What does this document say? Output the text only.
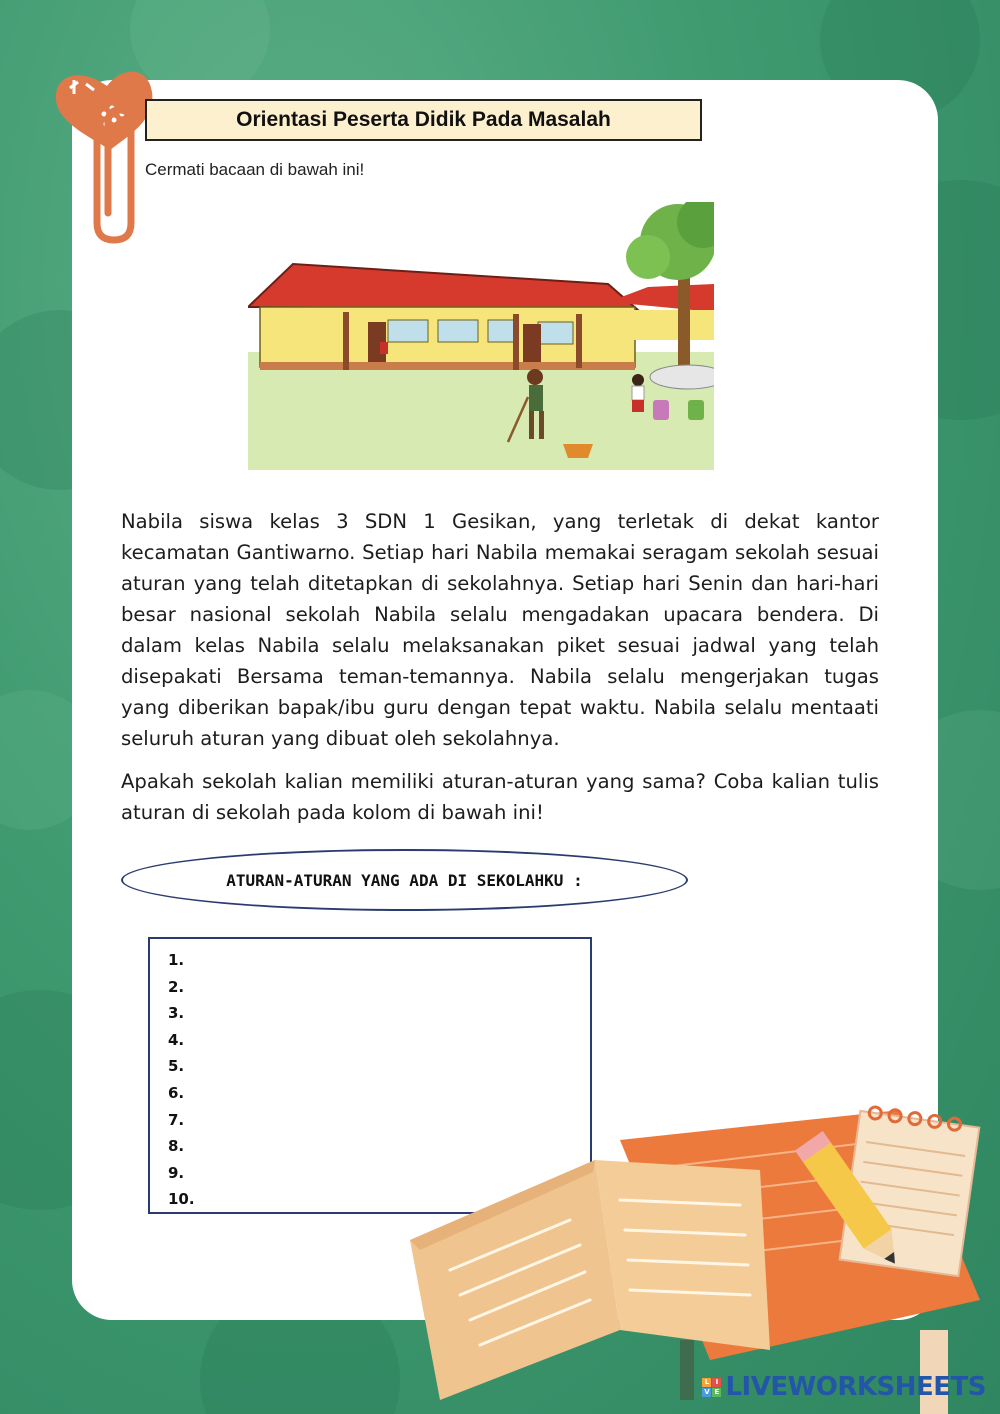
Orientasi Peserta Didik Pada Masalah
Cermati bacaan di bawah ini!

Nabila siswa kelas 3 SDN 1 Gesikan, yang terletak di dekat kantor kecamatan Gantiwarno. Setiap hari Nabila memakai seragam sekolah sesuai aturan yang telah ditetapkan di sekolahnya. Setiap hari Senin dan hari-hari besar nasional sekolah Nabila selalu mengadakan upacara bendera. Di dalam kelas Nabila selalu melaksanakan piket sesuai jadwal yang telah disepakati Bersama teman-temannya. Nabila selalu mengerjakan tugas yang diberikan bapak/ibu guru dengan tepat waktu. Nabila selalu mentaati seluruh aturan yang dibuat oleh sekolahnya.

Apakah sekolah kalian memiliki aturan-aturan yang sama? Coba kalian tulis aturan di sekolah pada kolom di bawah ini!

ATURAN-ATURAN YANG ADA DI SEKOLAHKU :
1.
2.
3.
4.
5.
6.
7.
8.
9.
10.
L I
V E LIVEWORKSHEETS
